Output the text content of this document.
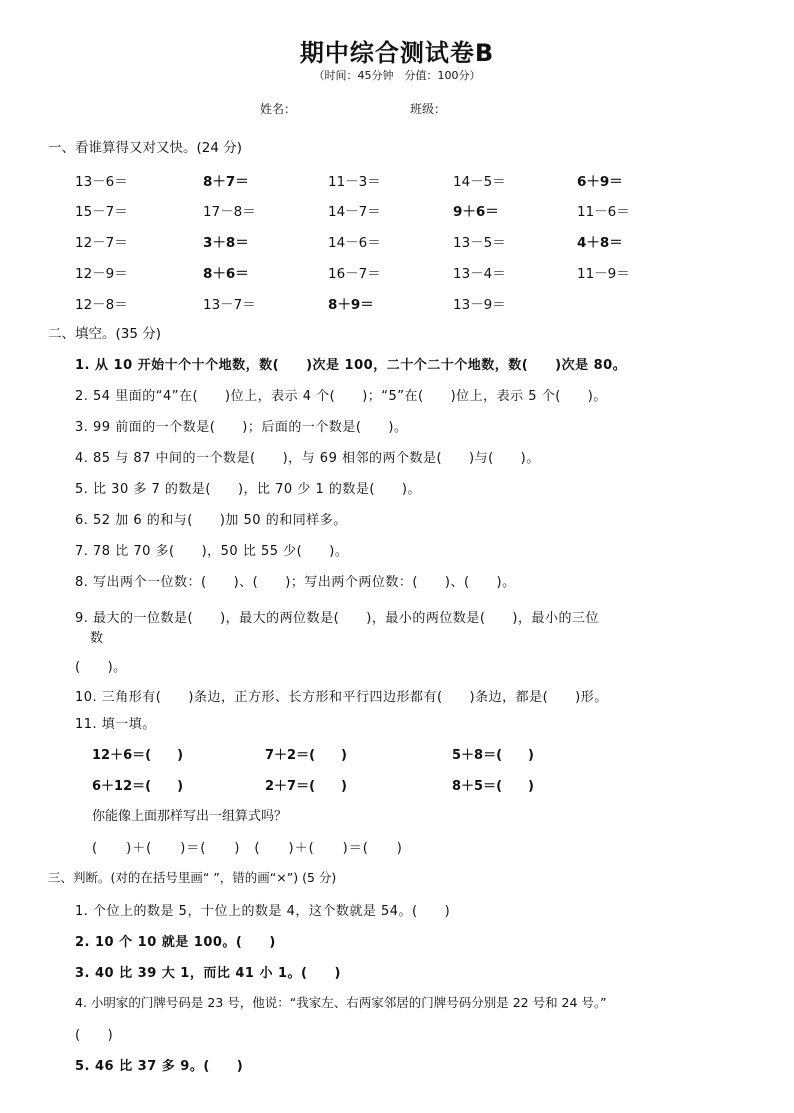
期中综合测试卷B
（时间：45分钟　分值：100分）
姓名：	班级：
一、看谁算得又对又快。(24 分)
13－6＝	8＋7＝	11－3＝	14－5＝	6＋9＝
15－7＝	17－8＝	14－7＝	9＋6＝	11－6＝
12－7＝	3＋8＝	14－6＝	13－5＝	4＋8＝
12－9＝	8＋6＝	16－7＝	13－4＝	11－9＝
12－8＝	13－7＝	8＋9＝	13－9＝
二、填空。(35 分)
1. 从 10 开始十个十个地数，数(　　)次是 100，二十个二十个地数，数(　　)次是 80。
2. 54 里面的“4”在(　　)位上，表示 4 个(　　)；“5”在(　　)位上，表示 5 个(　　)。
3. 99 前面的一个数是(　　)；后面的一个数是(　　)。
4. 85 与 87 中间的一个数是(　　)，与 69 相邻的两个数是(　　)与(　　)。
5. 比 30 多 7 的数是(　　)，比 70 少 1 的数是(　　)。
6. 52 加 6 的和与(　　)加 50 的和同样多。
7. 78 比 70 多(　　)，50 比 55 少(　　)。
8. 写出两个一位数：(　　)、(　　)；写出两个两位数：(　　)、(　　)。
9. 最大的一位数是(　　)，最大的两位数是(　　)，最小的两位数是(　　)，最小的三位
数
(　　)。
10. 三角形有(　　)条边，正方形、长方形和平行四边形都有(　　)条边，都是(　　)形。
11. 填一填。
12＋6＝(　　)	7＋2＝(　　)	5＋8＝(　　)
6＋12＝(　　)	2＋7＝(　　)	8＋5＝(　　)
你能像上面那样写出一组算式吗？
(　　)＋(　　)＝(　　)　(　　)＋(　　)＝(　　)
三、判断。(对的在括号里画“ ”，错的画“×”) (5 分)
1. 个位上的数是 5，十位上的数是 4，这个数就是 54。(　　)
2. 10 个 10 就是 100。(　　)
3. 40 比 39 大 1，而比 41 小 1。(　　)
4. 小明家的门牌号码是 23 号，他说：“我家左、右两家邻居的门牌号码分别是 22 号和 24 号。”
(　　)
5. 46 比 37 多 9。(　　)
